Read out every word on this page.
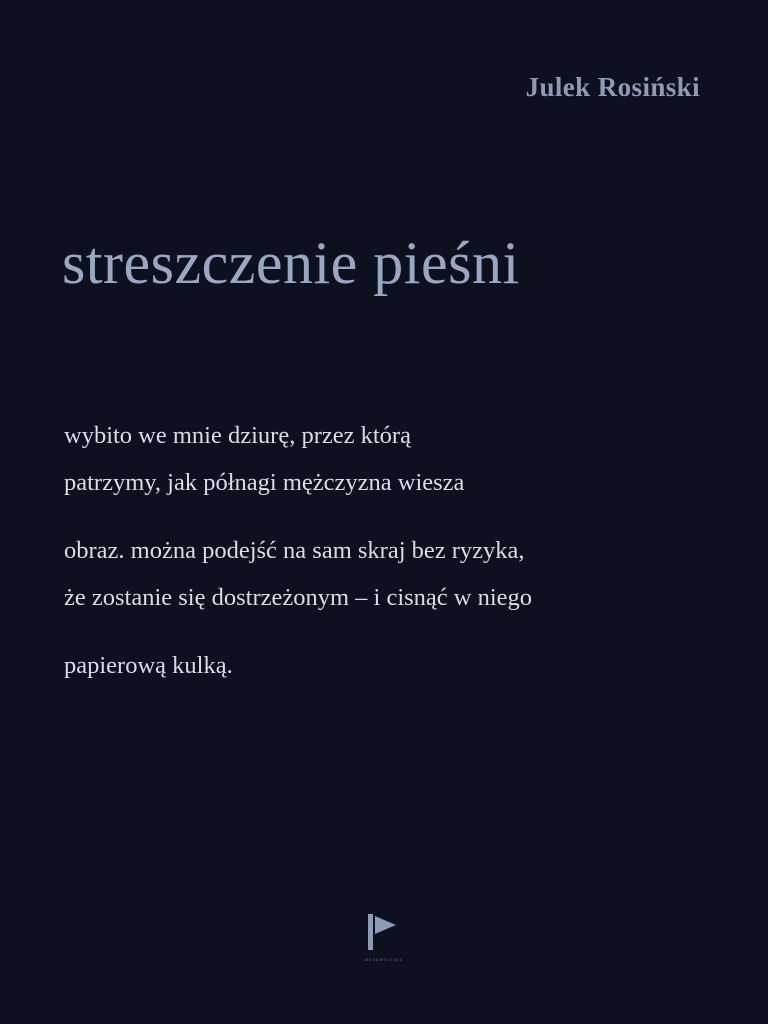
Julek Rosiński
streszczenie pieśni
wybito we mnie dziurę, przez którą
patrzymy, jak półnagi mężczyzna wiesza
obraz. można podejść na sam skraj bez ryzyka,
że zostanie się dostrzeżonym – i cisnąć w niego
papierową kulką.
wydawnictwo
